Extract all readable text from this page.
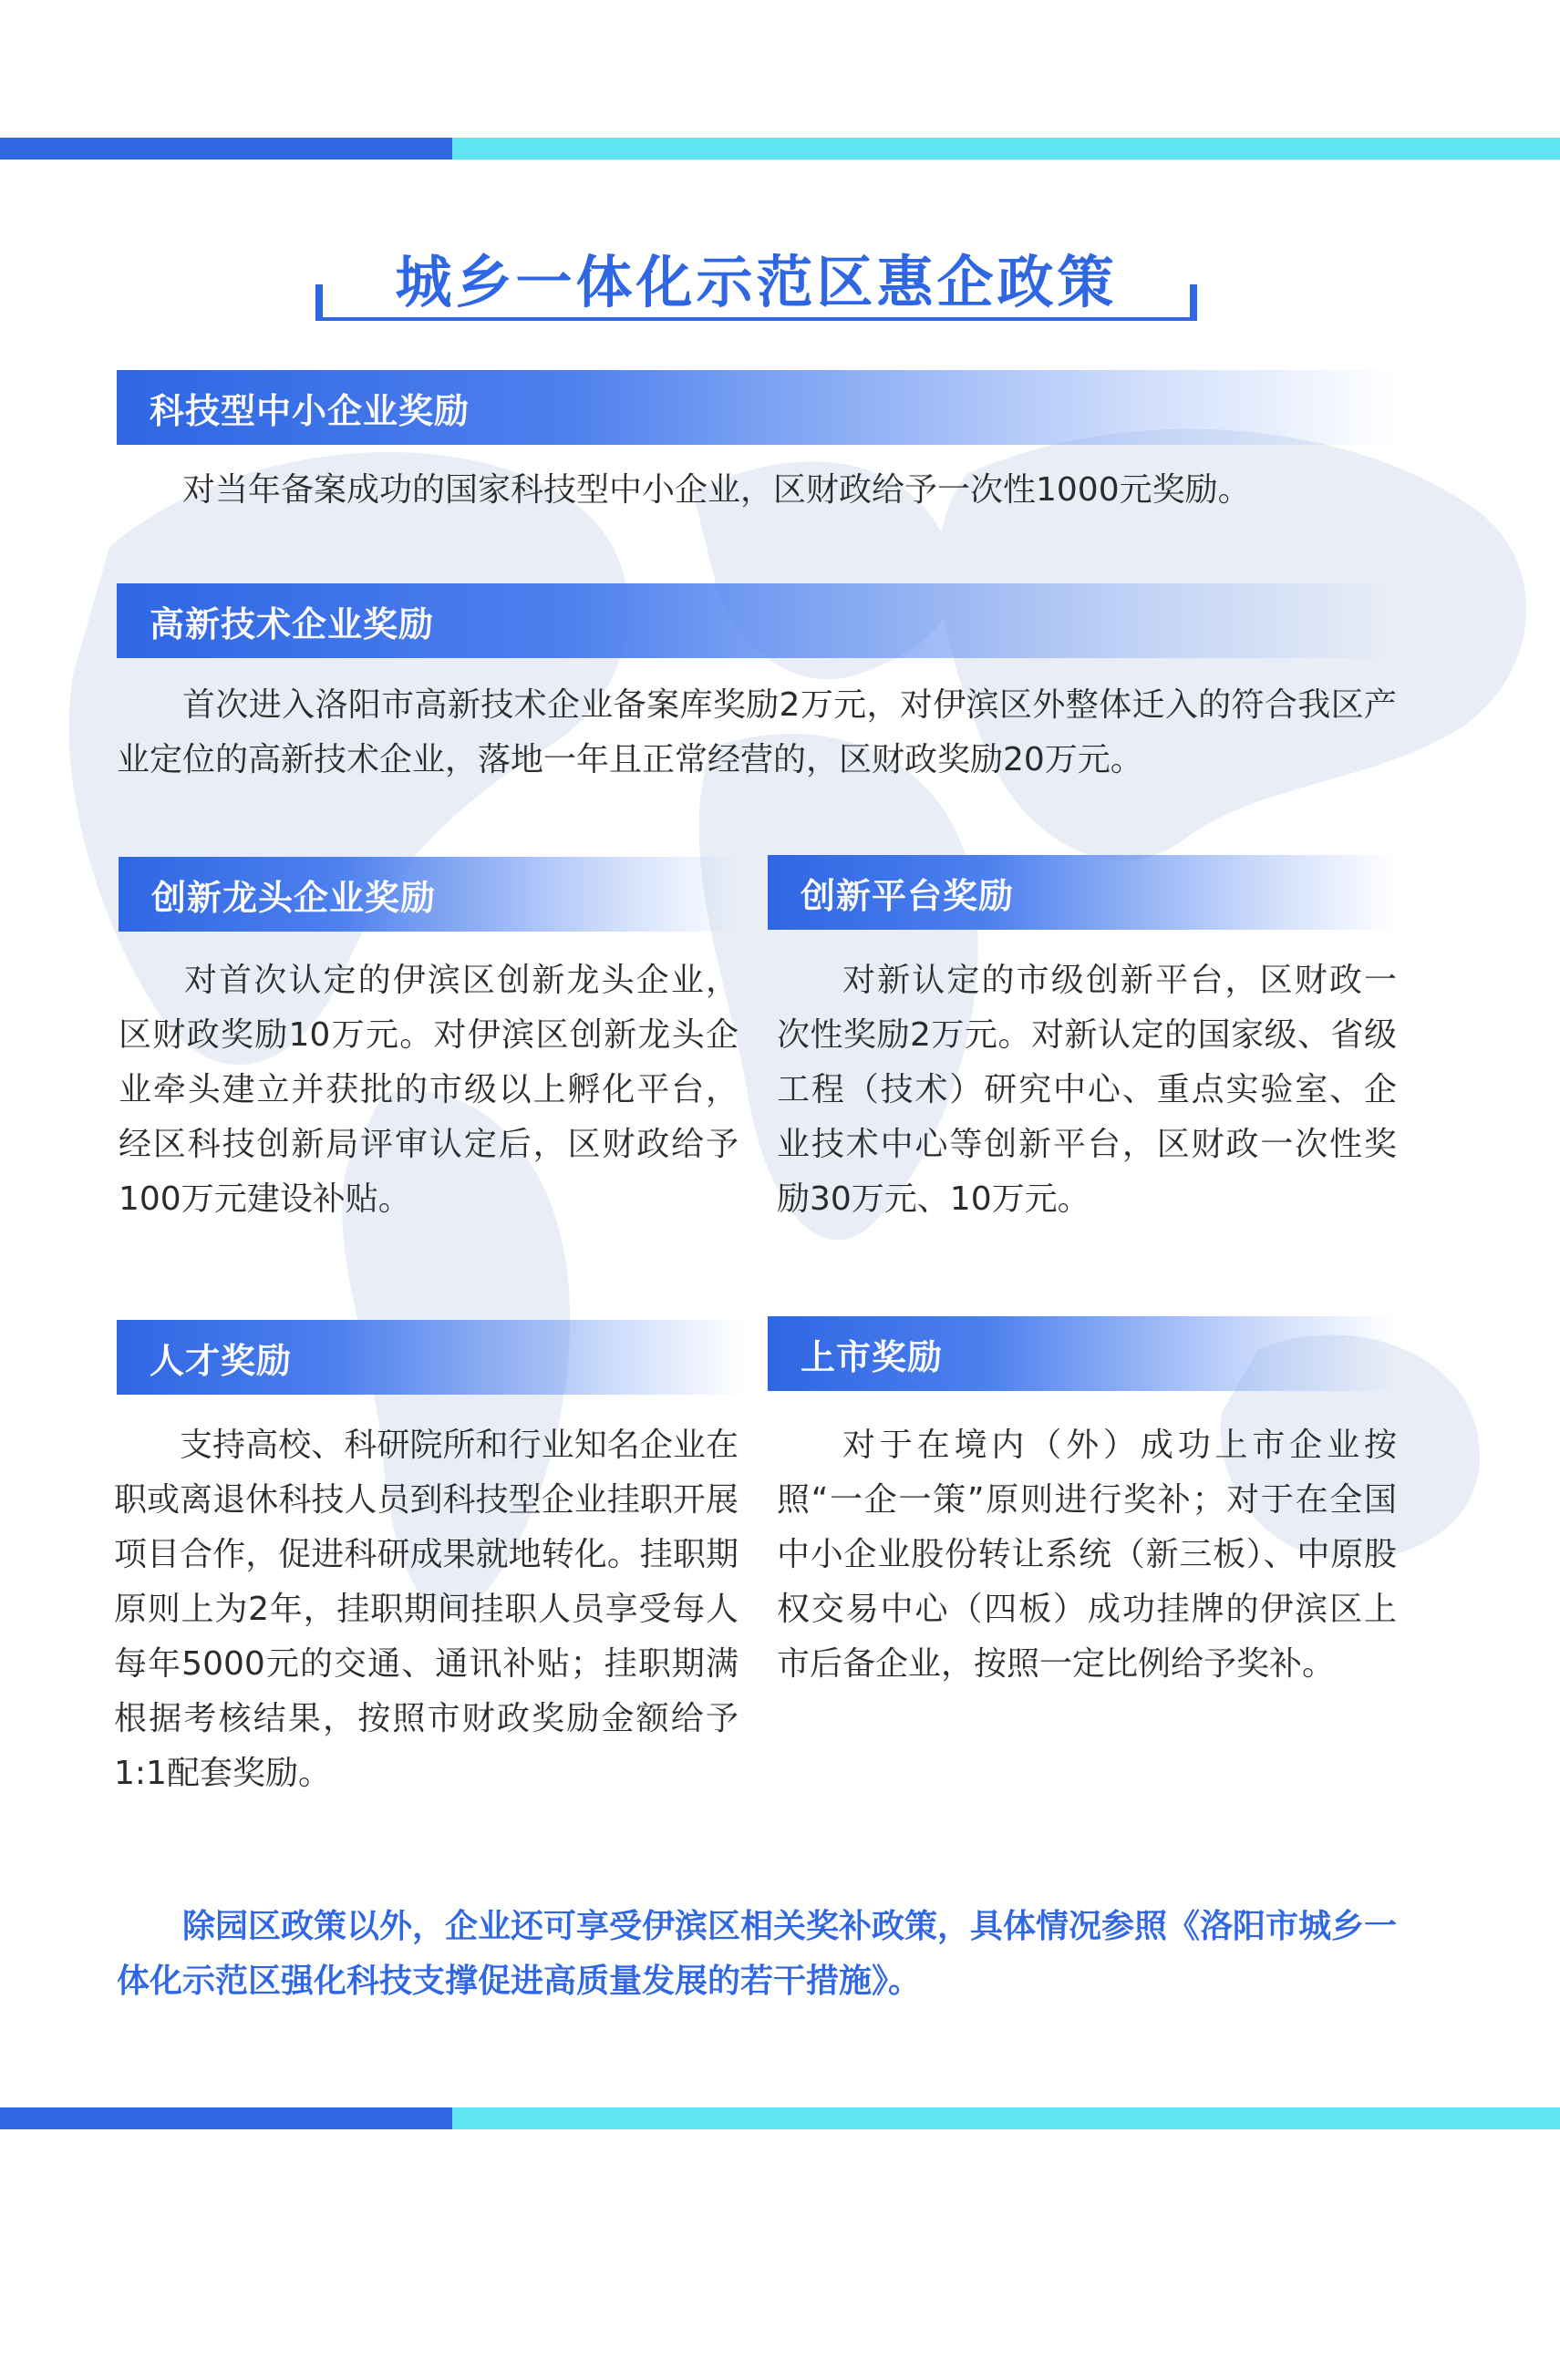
城乡一体化示范区惠企政策
科技型中小企业奖励
对当年备案成功的国家科技型中小企业，区财政给予一次性1000元奖励。
高新技术企业奖励
首次进入洛阳市高新技术企业备案库奖励2万元，对伊滨区外整体迁入的符合我区产业定位的高新技术企业，落地一年且正常经营的，区财政奖励20万元。
创新龙头企业奖励
对首次认定的伊滨区创新龙头企业，区财政奖励10万元。对伊滨区创新龙头企业牵头建立并获批的市级以上孵化平台，经区科技创新局评审认定后，区财政给予100万元建设补贴。
创新平台奖励
对新认定的市级创新平台，区财政一次性奖励2万元。对新认定的国家级、省级工程（技术）研究中心、重点实验室、企业技术中心等创新平台，区财政一次性奖励30万元、10万元。
人才奖励
支持高校、科研院所和行业知名企业在职或离退休科技人员到科技型企业挂职开展项目合作，促进科研成果就地转化。挂职期原则上为2年，挂职期间挂职人员享受每人每年5000元的交通、通讯补贴；挂职期满根据考核结果，按照市财政奖励金额给予1:1配套奖励。
上市奖励
对于在境内（外）成功上市企业按照“一企一策”原则进行奖补；对于在全国中小企业股份转让系统（新三板）、中原股权交易中心（四板）成功挂牌的伊滨区上市后备企业，按照一定比例给予奖补。
除园区政策以外，企业还可享受伊滨区相关奖补政策，具体情况参照《洛阳市城乡一体化示范区强化科技支撑促进高质量发展的若干措施》。
